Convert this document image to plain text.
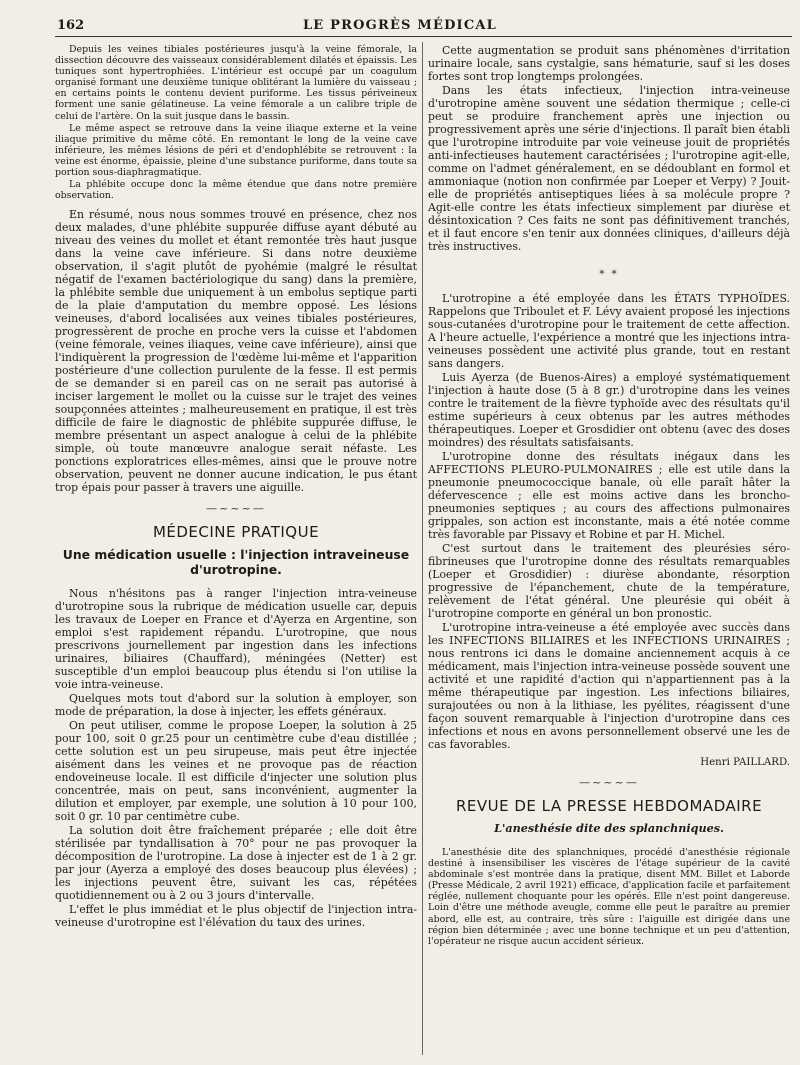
162	LE PROGRÈS MÉDICAL

Depuis les veines tibiales postérieures jusqu'à la veine fémorale, la dissection découvre des vaisseaux considérablement dilatés et épaissis. Les tuniques sont hypertrophiées. L'intérieur est occupé par un coagulum organisé formant une deuxième tunique oblitérant la lumière du vaisseau ; en certains points le contenu devient puriforme. Les tissus périveineux forment une sanie gélatineuse. La veine fémorale a un calibre triple de celui de l'artère. On la suit jusque dans le bassin.

Le même aspect se retrouve dans la veine iliaque externe et la veine iliaque primitive du même côté. En remontant le long de la veine cave inférieure, les mêmes lésions de péri et d'endophlébite se retrouvent : la veine est énorme, épaissie, pleine d'une substance puriforme, dans toute sa portion sous-diaphragmatique.

La phlébite occupe donc la même étendue que dans notre première observation.

En résumé, nous nous sommes trouvé en présence, chez nos deux malades, d'une phlébite suppurée diffuse ayant débuté au niveau des veines du mollet et étant remontée très haut jusque dans la veine cave inférieure. Si dans notre deuxième observation, il s'agit plutôt de pyohémie (malgré le résultat négatif de l'examen bactériologique du sang) dans la première, la phlébite semble due uniquement à un embolus septique parti de la plaie d'amputation du membre opposé. Les lésions veineuses, d'abord localisées aux veines tibiales postérieures, progressèrent de proche en proche vers la cuisse et l'abdomen (veine fémorale, veines iliaques, veine cave inférieure), ainsi que l'indiquèrent la progression de l'œdème lui-même et l'apparition postérieure d'une collection purulente de la fesse. Il est permis de se demander si en pareil cas on ne serait pas autorisé à inciser largement le mollet ou la cuisse sur le trajet des veines soupçonnées atteintes ; malheureusement en pratique, il est très difficile de faire le diagnostic de phlébite suppurée diffuse, le membre présentant un aspect analogue à celui de la phlébite simple, où toute manœuvre analogue serait néfaste. Les ponctions exploratrices elles-mêmes, ainsi que le prouve notre observation, peuvent ne donner aucune indication, le pus étant trop épais pour passer à travers une aiguille.

—~~~—
MÉDECINE PRATIQUE
Une médication usuelle : l'injection intraveineuse d'urotropine.

Nous n'hésitons pas à ranger l'injection intra-veineuse d'urotropine sous la rubrique de médication usuelle car, depuis les travaux de Loeper en France et d'Ayerza en Argentine, son emploi s'est rapidement répandu. L'urotropine, que nous prescrivons journellement par ingestion dans les infections urinaires, biliaires (Chauffard), méningées (Netter) est susceptible d'un emploi beaucoup plus étendu si l'on utilise la voie intra-veineuse.

Quelques mots tout d'abord sur la solution à employer, son mode de préparation, la dose à injecter, les effets généraux.

On peut utiliser, comme le propose Loeper, la solution à 25 pour 100, soit 0 gr.25 pour un centimètre cube d'eau distillée ; cette solution est un peu sirupeuse, mais peut être injectée aisément dans les veines et ne provoque pas de réaction endoveineuse locale. Il est difficile d'injecter une solution plus concentrée, mais on peut, sans inconvénient, augmenter la dilution et employer, par exemple, une solution à 10 pour 100, soit 0 gr. 10 par centimètre cube.

La solution doit être fraîchement préparée ; elle doit être stérilisée par tyndallisation à 70° pour ne pas provoquer la décomposition de l'urotropine. La dose à injecter est de 1 à 2 gr. par jour (Ayerza a employé des doses beaucoup plus élevées) ; les injections peuvent être, suivant les cas, répétées quotidiennement ou à 2 ou 3 jours d'intervalle.

L'effet le plus immédiat et le plus objectif de l'injection intra-veineuse d'urotropine est l'élévation du taux des urines.

Cette augmentation se produit sans phénomènes d'irritation urinaire locale, sans cystalgie, sans hématurie, sauf si les doses fortes sont trop longtemps prolongées.

Dans les états infectieux, l'injection intra-veineuse d'urotropine amène souvent une sédation thermique ; celle-ci peut se produire franchement après une injection ou progressivement après une série d'injections. Il paraît bien établi que l'urotropine introduite par voie veineuse jouit de propriétés anti-infectieuses hautement caractérisées ; l'urotropine agit-elle, comme on l'admet généralement, en se dédoublant en formol et ammoniaque (notion non confirmée par Loeper et Verpy) ? Jouit-elle de propriétés antiseptiques liées à sa molécule propre ? Agit-elle contre les états infectieux simplement par diurèse et désintoxication ? Ces faits ne sont pas définitivement tranchés, et il faut encore s'en tenir aux données cliniques, d'ailleurs déjà très instructives.

* *

L'urotropine a été employée dans les ÉTATS TYPHOÏDES. Rappelons que Triboulet et F. Lévy avaient proposé les injections sous-cutanées d'urotropine pour le traitement de cette affection. A l'heure actuelle, l'expérience a montré que les injections intra-veineuses possèdent une activité plus grande, tout en restant sans dangers.

Luis Ayerza (de Buenos-Aires) a employé systématiquement l'injection à haute dose (5 à 8 gr.) d'urotropine dans les veines contre le traitement de la fièvre typhoïde avec des résultats qu'il estime supérieurs à ceux obtenus par les autres méthodes thérapeutiques. Loeper et Grosdidier ont obtenu (avec des doses moindres) des résultats satisfaisants.

L'urotropine donne des résultats inégaux dans les AFFECTIONS PLEURO-PULMONAIRES ; elle est utile dans la pneumonie pneumococcique banale, où elle paraît hâter la défervescence ; elle est moins active dans les broncho-pneumonies septiques ; au cours des affections pulmonaires grippales, son action est inconstante, mais a été notée comme très favorable par Pissavy et Robine et par H. Michel.

C'est surtout dans le traitement des pleurésies séro-fibrineuses que l'urotropine donne des résultats remarquables (Loeper et Grosdidier) : diurèse abondante, résorption progressive de l'épanchement, chute de la température, relèvement de l'état général. Une pleurésie qui obéit à l'urotropine comporte en général un bon pronostic.

L'urotropine intra-veineuse a été employée avec succès dans les INFECTIONS BILIAIRES et les INFECTIONS URINAIRES ; nous rentrons ici dans le domaine anciennement acquis à ce médicament, mais l'injection intra-veineuse possède souvent une activité et une rapidité d'action qui n'appartiennent pas à la même thérapeutique par ingestion. Les infections biliaires, surajoutées ou non à la lithiase, les pyélites, réagissent d'une façon souvent remarquable à l'injection d'urotropine dans ces infections et nous en avons personnellement observé une les de cas favorables.

Henri PAILLARD.
—~~~—
REVUE DE LA PRESSE HEBDOMADAIRE
L'anesthésie dite des splanchniques.

L'anesthésie dite des splanchniques, procédé d'anesthésie régionale destiné à insensibiliser les viscères de l'étage supérieur de la cavité abdominale s'est montrée dans la pratique, disent MM. Billet et Laborde (Presse Médicale, 2 avril 1921) efficace, d'application facile et parfaitement réglée, nullement choquante pour les opérés. Elle n'est point dangereuse. Loin d'être une méthode aveugle, comme elle peut le paraître au premier abord, elle est, au contraire, très sûre : l'aiguille est dirigée dans une région bien déterminée ; avec une bonne technique et un peu d'attention, l'opérateur ne risque aucun accident sérieux.
